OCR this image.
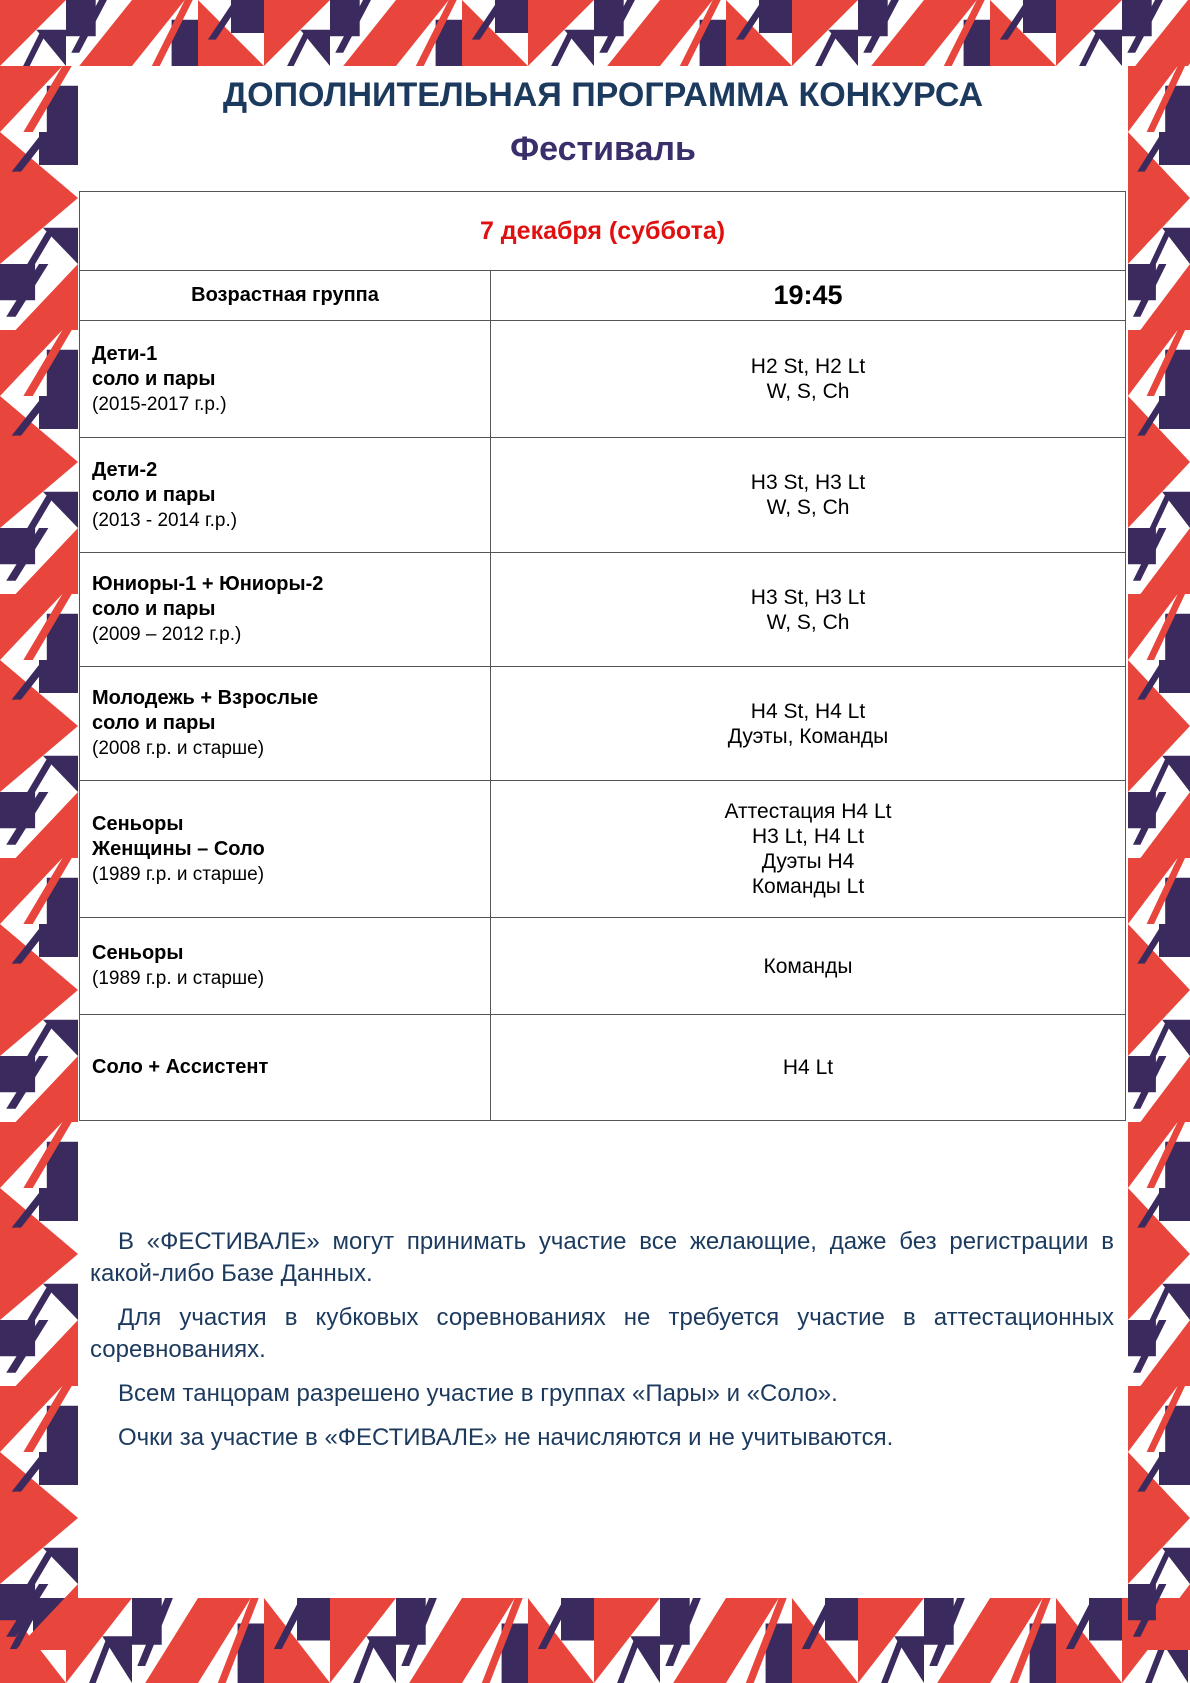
ДОПОЛНИТЕЛЬНАЯ ПРОГРАММА КОНКУРСА
Фестиваль
7 декабря (суббота)	
Возрастная группа	19:45

Дети-1
соло и пары
(2015-2017 г.р.)	H2 St, H2 Lt
W, S, Ch

Дети-2
соло и пары
(2013 - 2014 г.р.)	H3 St, H3 Lt
W, S, Ch

Юниоры-1 + Юниоры-2
соло и пары
(2009 – 2012 г.р.)	H3 St, H3 Lt
W, S, Ch

Молодежь + Взрослые
соло и пары
(2008 г.р. и старше)	H4 St, H4 Lt
Дуэты, Команды

Сеньоры
Женщины – Соло
(1989 г.р. и старше)	Аттестация H4 Lt
H3 Lt, H4 Lt
Дуэты H4
Команды Lt

Сеньоры
(1989 г.р. и старше)	Команды

Соло + Ассистент	H4 Lt

В «ФЕСТИВАЛЕ» могут принимать участие все желающие, даже без регистрации в какой-либо Базе Данных.

Для участия в кубковых соревнованиях не требуется участие в аттестационных соревнованиях.

Всем танцорам разрешено участие в группах «Пары» и «Соло».

Очки за участие в «ФЕСТИВАЛЕ» не начисляются и не учитываются.
